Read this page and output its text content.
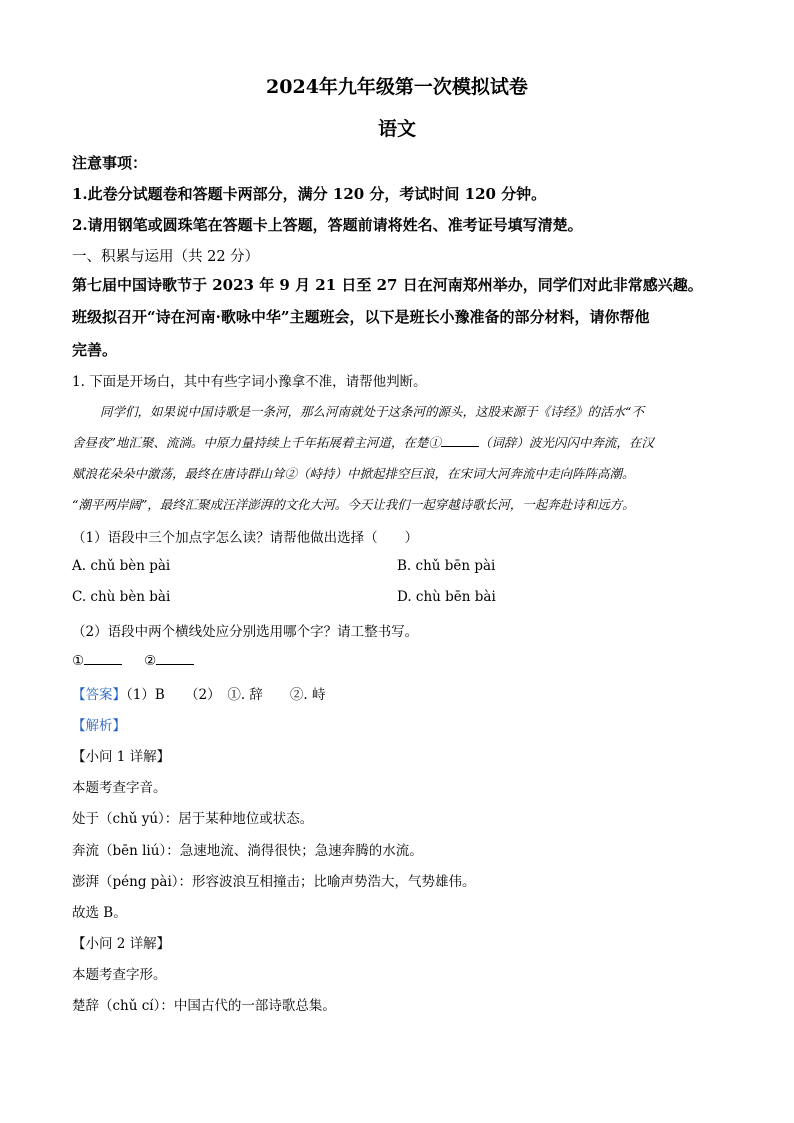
2024年九年级第一次模拟试卷
语文
注意事项：
1.此卷分试题卷和答题卡两部分，满分 120 分，考试时间 120 分钟。
2.请用钢笔或圆珠笔在答题卡上答题，答题前请将姓名、准考证号填写清楚。
一、积累与运用（共 22 分）
第七届中国诗歌节于 2023 年 9 月 21 日至 27 日在河南郑州举办，同学们对此非常感兴趣。
班级拟召开“诗在河南·歌咏中华”主题班会，以下是班长小豫准备的部分材料，请你帮他
完善。
1. 下面是开场白，其中有些字词小豫拿不准，请帮他判断。
同学们，如果说中国诗歌是一条河，那么河南就处于这条河的源头，这股来源于《诗经》的活水“不
舍昼夜”地汇聚、流淌。中原力量持续上千年拓展着主河道，在楚①	（词辞）波光闪闪中奔流，在汉
赋浪花朵朵中激荡，最终在唐诗群山耸②（峙持）中掀起排空巨浪，在宋词大河奔流中走向阵阵高潮。
“潮平两岸阔”，最终汇聚成汪洋澎湃的文化大河。今天让我们一起穿越诗歌长河，一起奔赴诗和远方。
（1）语段中三个加点字怎么读？请帮他做出选择（　　）
A. chǔ bèn pài	B. chǔ bēn pài
C. chù bèn bài	D. chù bēn bài
（2）语段中两个横线处应分别选用哪个字？请工整书写。
①	②
【答案】（1）B　　（2）　①. 辞　　②. 峙
【解析】
【小问 1 详解】
本题考查字音。
处于（chǔ yú）：居于某种地位或状态。
奔流（bēn liú）：急速地流、淌得很快；急速奔腾的水流。
澎湃（péng pài）：形容波浪互相撞击；比喻声势浩大，气势雄伟。
故选 B。
【小问 2 详解】
本题考查字形。
楚辞（chǔ cí）：中国古代的一部诗歌总集。
